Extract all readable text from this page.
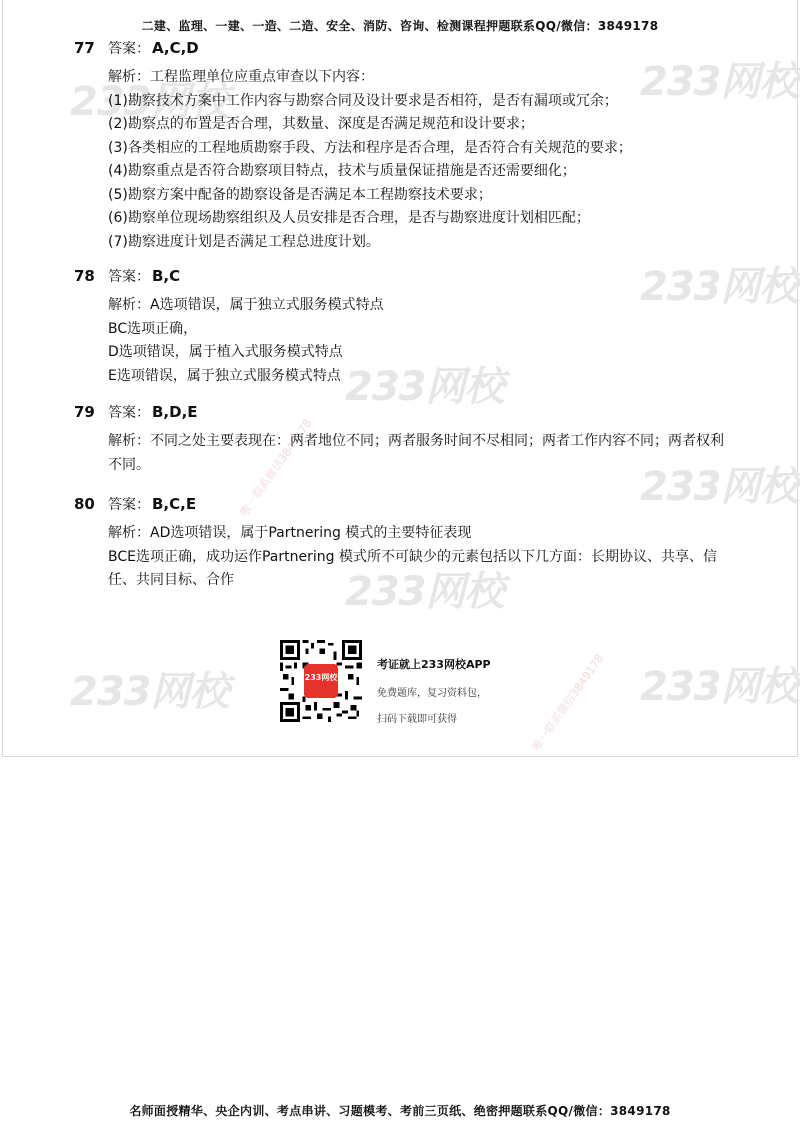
233网校	233网校
233网校
233网校
233网校
233网校
233网校	233网校
唯一联系微信3849178
唯一联系微信3849178
二建、监理、一建、一造、二造、安全、消防、咨询、检测课程押题联系QQ/微信：3849178
77 答案： A,C,D
解析：工程监理单位应重点审查以下内容：
(1)勘察技术方案中工作内容与勘察合同及设计要求是否相符，是否有漏项或冗余；
(2)勘察点的布置是否合理，其数量、深度是否满足规范和设计要求；
(3)各类相应的工程地质勘察手段、方法和程序是否合理，是否符合有关规范的要求；
(4)勘察重点是否符合勘察项目特点，技术与质量保证措施是否还需要细化；
(5)勘察方案中配备的勘察设备是否满足本工程勘察技术要求；
(6)勘察单位现场勘察组织及人员安排是否合理，是否与勘察进度计划相匹配；
(7)勘察进度计划是否满足工程总进度计划。
78 答案： B,C
解析：A选项错误，属于独立式服务模式特点
BC选项正确，
D选项错误，属于植入式服务模式特点
E选项错误，属于独立式服务模式特点
79 答案： B,D,E
解析：不同之处主要表现在：两者地位不同；两者服务时间不尽相同；两者工作内容不同；两者权利不同。
80 答案： B,C,E
解析：AD选项错误，属于Partnering 模式的主要特征表现
BCE选项正确，成功运作Partnering 模式所不可缺少的元素包括以下几方面：长期协议、共享、信任、共同目标、合作
233网校
考证就上233网校APP
免费题库，复习资料包，
扫码下载即可获得
名师面授精华、央企内训、考点串讲、习题模考、考前三页纸、绝密押题联系QQ/微信：3849178
